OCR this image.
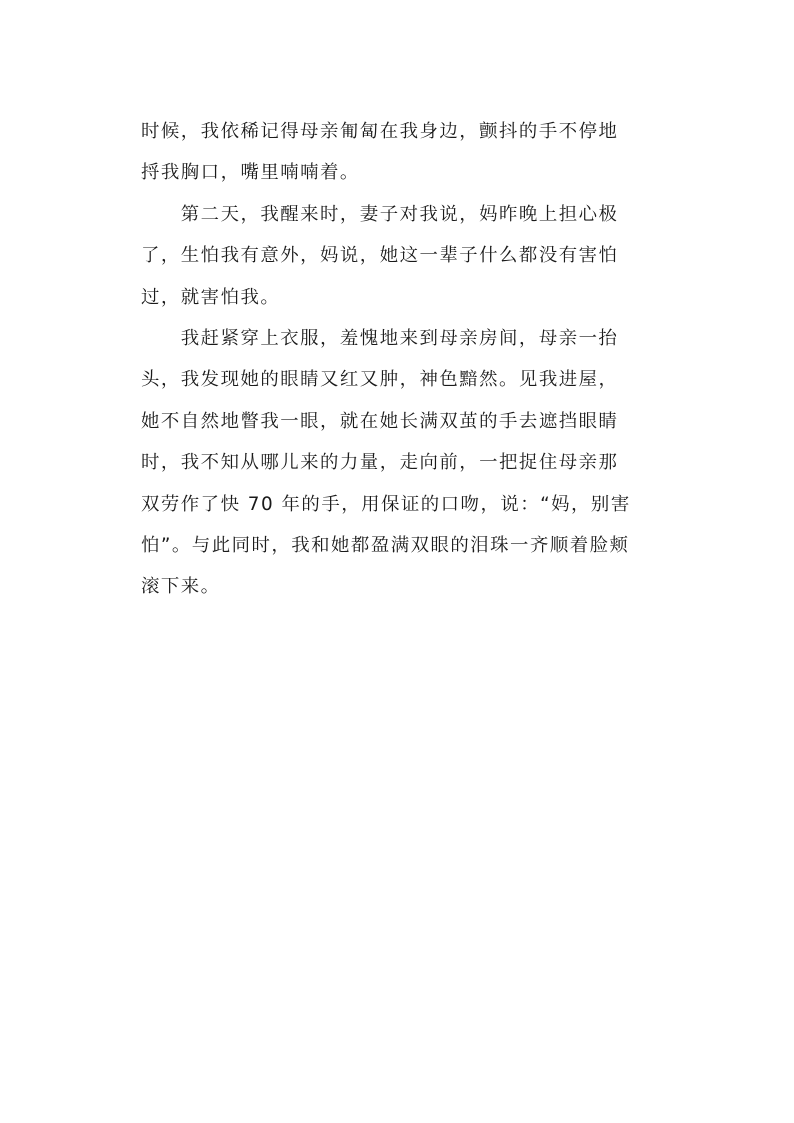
时候，我依稀记得母亲匍匐在我身边，颤抖的手不停地
捋我胸口，嘴里喃喃着。

　　第二天，我醒来时，妻子对我说，妈昨晚上担心极
了，生怕我有意外，妈说，她这一辈子什么都没有害怕
过，就害怕我。

　　我赶紧穿上衣服，羞愧地来到母亲房间，母亲一抬
头，我发现她的眼睛又红又肿，神色黯然。见我进屋，
她不自然地瞥我一眼，就在她长满双茧的手去遮挡眼睛
时，我不知从哪儿来的力量，走向前，一把捉住母亲那
双劳作了快 70 年的手，用保证的口吻，说：“妈，别害
怕”。与此同时，我和她都盈满双眼的泪珠一齐顺着脸颊
滚下来。
